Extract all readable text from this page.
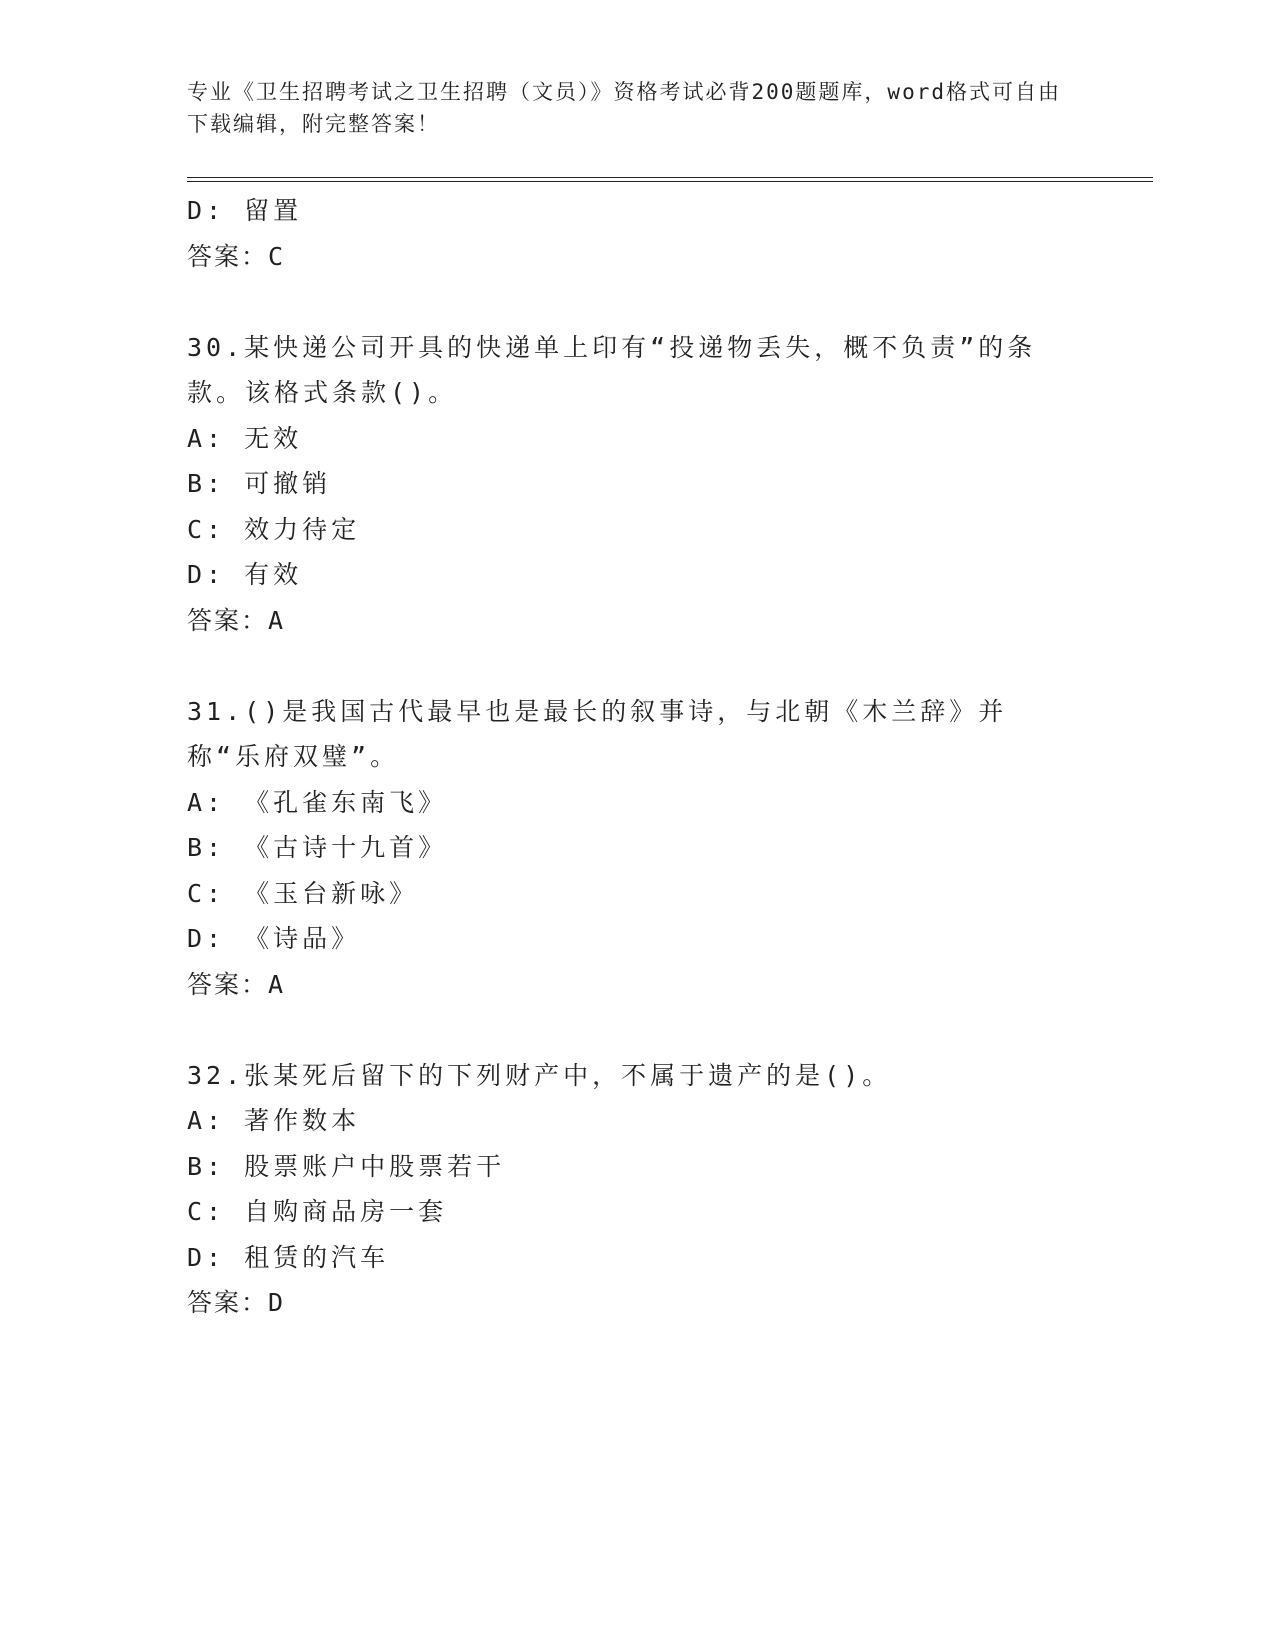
专业《卫生招聘考试之卫生招聘（文员）》资格考试必背200题题库，word格式可自由下载编辑，附完整答案！
D: 留置
答案：C
30.某快递公司开具的快递单上印有“投递物丢失，概不负责”的条款。该格式条款()。
A: 无效
B: 可撤销
C: 效力待定
D: 有效
答案：A
31.()是我国古代最早也是最长的叙事诗，与北朝《木兰辞》并称“乐府双璧”。
A: 《孔雀东南飞》
B: 《古诗十九首》
C: 《玉台新咏》
D: 《诗品》
答案：A
32.张某死后留下的下列财产中，不属于遗产的是()。
A: 著作数本
B: 股票账户中股票若干
C: 自购商品房一套
D: 租赁的汽车
答案：D
